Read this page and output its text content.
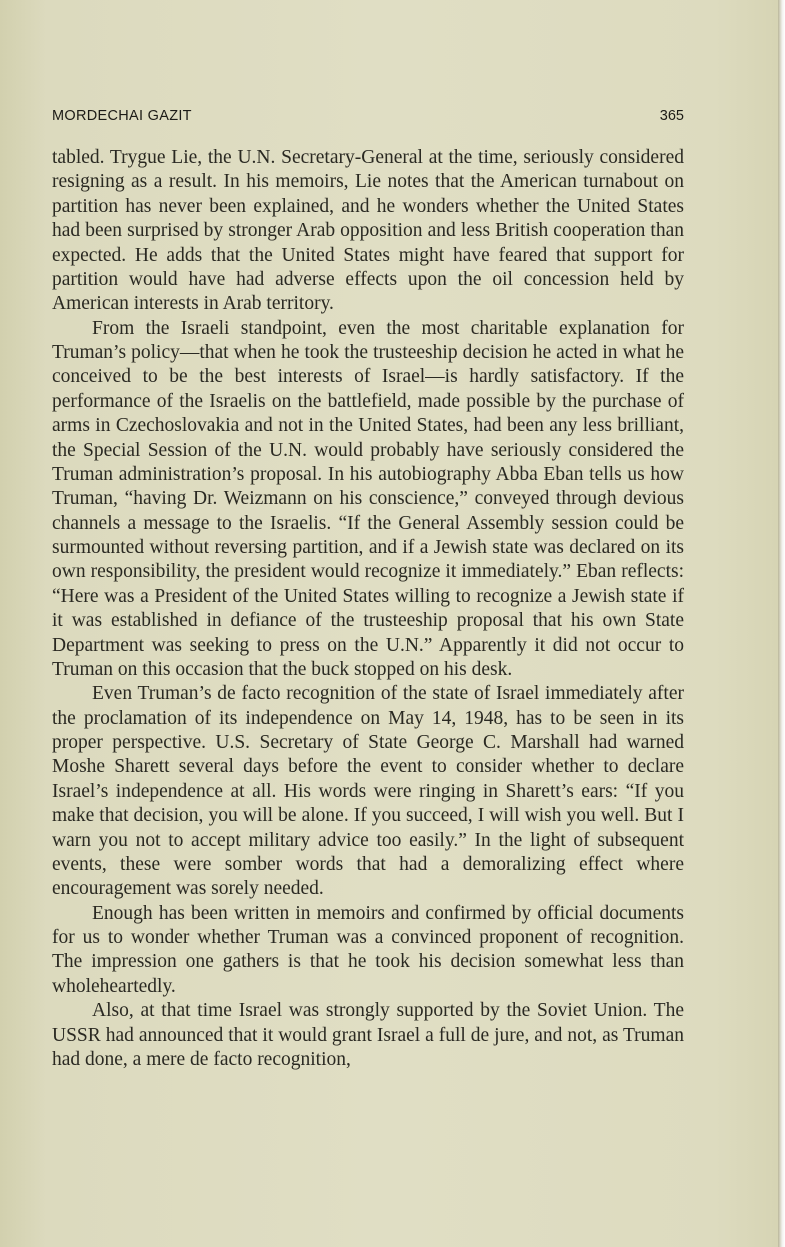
MORDECHAI GAZIT	365

tabled. Trygue Lie, the U.N. Secretary-General at the time, seriously considered resigning as a result. In his memoirs, Lie notes that the American turnabout on partition has never been explained, and he wonders whether the United States had been surprised by stronger Arab opposition and less British cooperation than expected. He adds that the United States might have feared that support for partition would have had adverse effects upon the oil concession held by American interests in Arab territory.

From the Israeli standpoint, even the most charitable explanation for Truman’s policy—that when he took the trusteeship decision he acted in what he conceived to be the best interests of Israel—is hardly satisfactory. If the performance of the Israelis on the battlefield, made possible by the purchase of arms in Czechoslovakia and not in the United States, had been any less brilliant, the Special Session of the U.N. would probably have seriously considered the Truman administration’s proposal. In his autobiography Abba Eban tells us how Truman, “having Dr. Weizmann on his conscience,” conveyed through devious channels a message to the Israelis. “If the General Assembly session could be surmounted without reversing partition, and if a Jewish state was declared on its own responsibility, the president would recognize it immediately.” Eban reflects: “Here was a President of the United States willing to recognize a Jewish state if it was established in defiance of the trusteeship proposal that his own State Department was seeking to press on the U.N.” Apparently it did not occur to Truman on this occasion that the buck stopped on his desk.

Even Truman’s de facto recognition of the state of Israel immediately after the proclamation of its independence on May 14, 1948, has to be seen in its proper perspective. U.S. Secretary of State George C. Marshall had warned Moshe Sharett several days before the event to consider whether to declare Israel’s independence at all. His words were ringing in Sharett’s ears: “If you make that decision, you will be alone. If you succeed, I will wish you well. But I warn you not to accept military advice too easily.” In the light of subsequent events, these were somber words that had a demoralizing effect where encouragement was sorely needed.

Enough has been written in memoirs and confirmed by official documents for us to wonder whether Truman was a convinced proponent of recognition. The impression one gathers is that he took his decision somewhat less than wholeheartedly.

Also, at that time Israel was strongly supported by the Soviet Union. The USSR had announced that it would grant Israel a full de jure, and not, as Truman had done, a mere de facto recognition,
